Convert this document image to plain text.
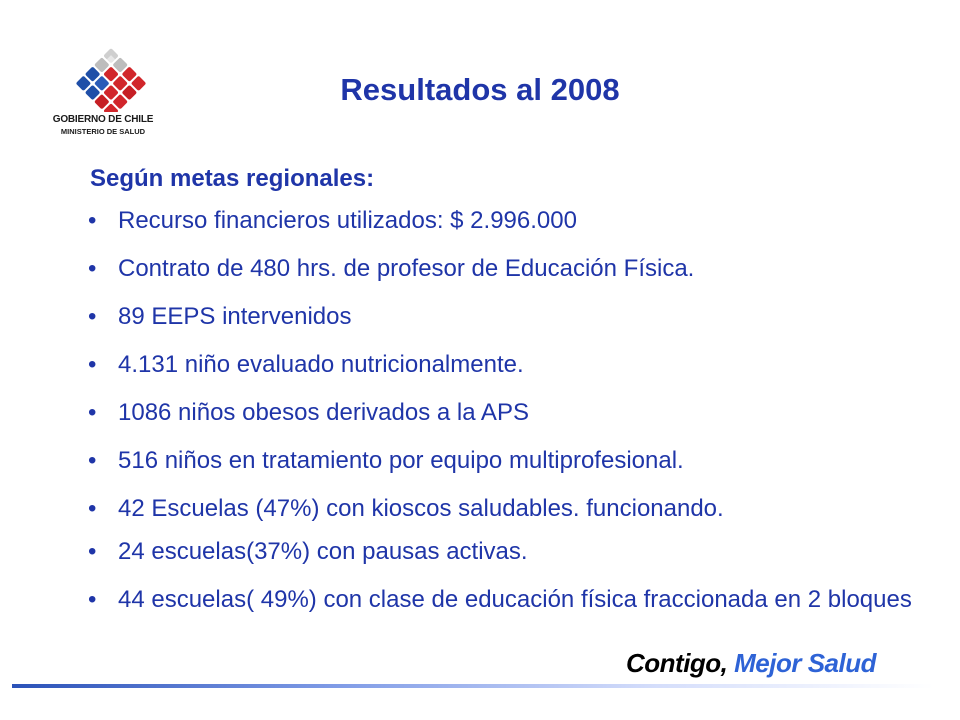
GOBIERNO DE CHILE
MINISTERIO DE SALUD
Resultados al 2008
Según metas regionales:
• Recurso financieros utilizados: $ 2.996.000
• Contrato de 480 hrs. de profesor de Educación Física.
• 89 EEPS intervenidos
• 4.131 niño evaluado nutricionalmente.
• 1086 niños obesos derivados a la APS
• 516 niños en tratamiento por equipo multiprofesional.
• 42 Escuelas (47%) con kioscos saludables. funcionando.
• 24 escuelas(37%) con pausas activas.
• 44 escuelas( 49%) con clase de educación física fraccionada en 2 bloques
Contigo, Mejor Salud
